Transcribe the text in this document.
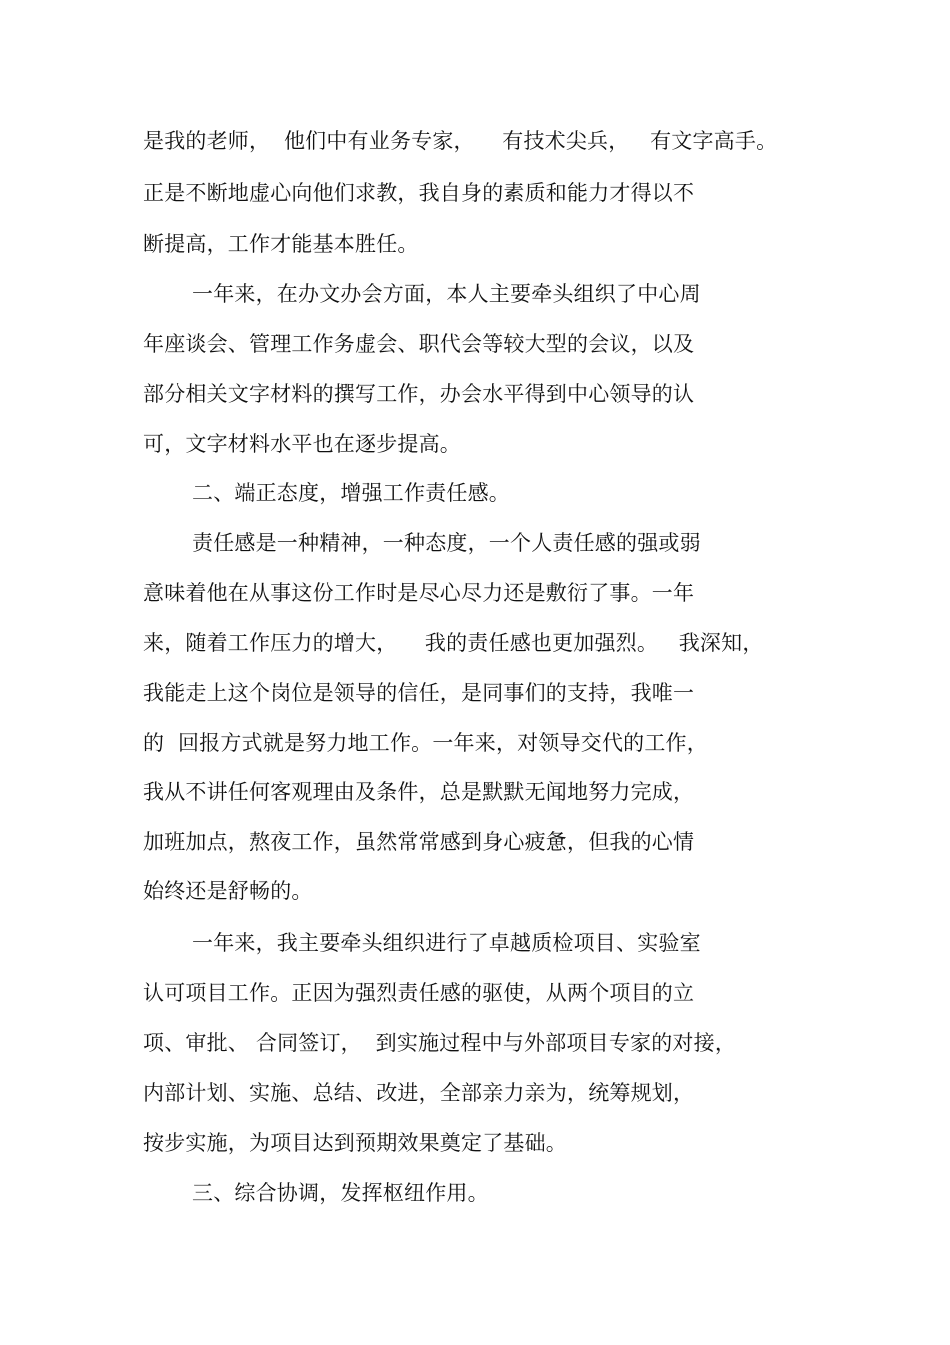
是我的老师，  他们中有业务专家，    有技术尖兵，   有文字高手。
正是不断地虚心向他们求教，我自身的素质和能力才得以不
断提高，工作才能基本胜任。
一年来，在办文办会方面，本人主要牵头组织了中心周
年座谈会、管理工作务虚会、职代会等较大型的会议，以及
部分相关文字材料的撰写工作，办会水平得到中心领导的认
可，文字材料水平也在逐步提高。
二、端正态度，增强工作责任感。
责任感是一种精神，一种态度，一个人责任感的强或弱
意味着他在从事这份工作时是尽心尽力还是敷衍了事。一年
来，随着工作压力的增大，    我的责任感也更加强烈。   我深知，
我能走上这个岗位是领导的信任，是同事们的支持，我唯一
的  回报方式就是努力地工作。一年来，对领导交代的工作，
我从不讲任何客观理由及条件，总是默默无闻地努力完成，
加班加点，熬夜工作，虽然常常感到身心疲惫，但我的心情
始终还是舒畅的。
一年来，我主要牵头组织进行了卓越质检项目、实验室
认可项目工作。正因为强烈责任感的驱使，从两个项目的立
项、审批、 合同签订，  到实施过程中与外部项目专家的对接，
内部计划、实施、总结、改进，全部亲力亲为，统筹规划，
按步实施，为项目达到预期效果奠定了基础。
三、综合协调，发挥枢纽作用。
